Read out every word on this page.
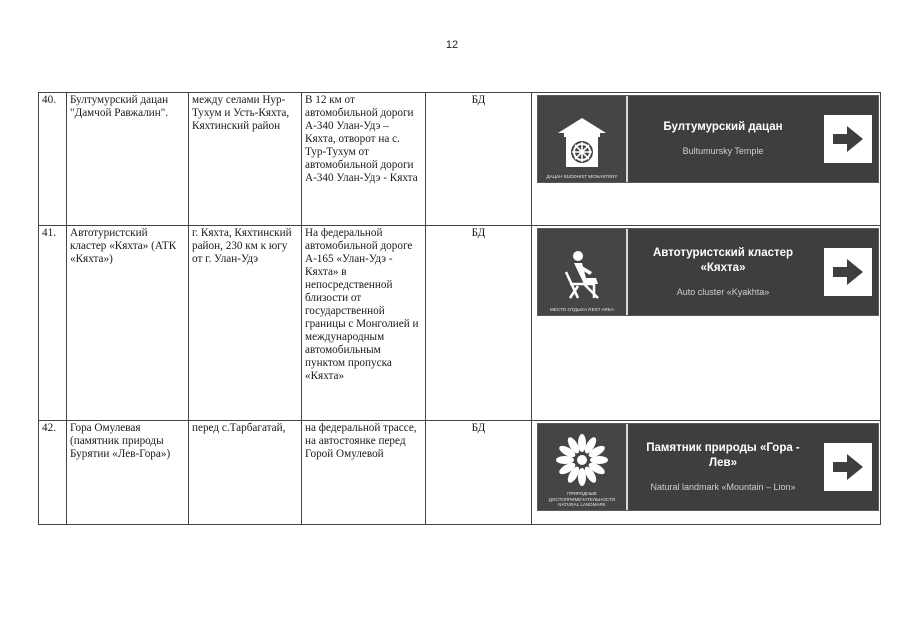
12
40.	Бултумурский дацан "Дамчой Равжалин".	между селами Нур-Тухум и Усть-Кяхта, Кяхтинский район	В 12 км от автомобильной дороги А-340 Улан-Удэ – Кяхта, отворот на с. Тур-Тухум от автомобильной дороги А-340 Улан-Удэ - Кяхта	БД	ДАЦАН BUDDHIST MONASTERY
Бултумурский дацан
Bultumursky Temple

41.	Автотуристский кластер «Кяхта» (АТК «Кяхта»)	г. Кяхта, Кяхтинский район, 230 км к югу от г. Улан-Удэ	На федеральной автомобильной дороге А-165 «Улан-Удэ - Кяхта» в непосредственной близости от государственной границы с Монголией и международным автомобильным пунктом пропуска «Кяхта»	БД	МЕСТО ОТДЫХА REST AREA
Автотуристский кластер «Кяхта»
Auto cluster «Kyakhta»

42.	Гора Омулевая (памятник природы Бурятии «Лев-Гора»)	перед с.Тарбагатай,	на федеральной трассе, на автостоянке перед Горой Омулевой	БД	ПРИРОДНЫЕ ДОСТОПРИМЕЧАТЕЛЬНОСТИ NATURAL LANDMARK
Памятник природы «Гора - Лев»
Natural landmark «Mountain – Lion»
